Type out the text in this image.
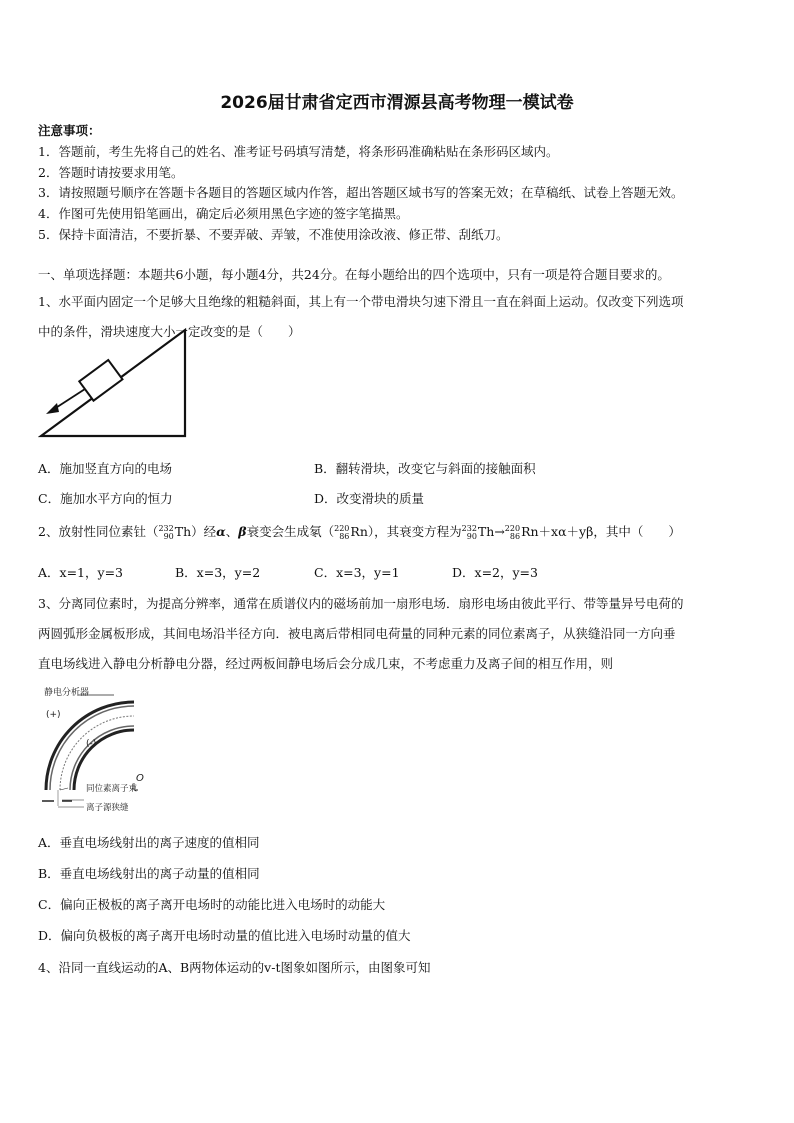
2026届甘肃省定西市渭源县高考物理一模试卷
注意事项：
1．答题前，考生先将自己的姓名、准考证号码填写清楚，将条形码准确粘贴在条形码区域内。
2．答题时请按要求用笔。
3．请按照题号顺序在答题卡各题目的答题区域内作答，超出答题区域书写的答案无效；在草稿纸、试卷上答题无效。
4．作图可先使用铅笔画出，确定后必须用黑色字迹的签字笔描黑。
5．保持卡面清洁，不要折暴、不要弄破、弄皱，不准使用涂改液、修正带、刮纸刀。
一、单项选择题：本题共6小题，每小题4分，共24分。在每小题给出的四个选项中，只有一项是符合题目要求的。
1、水平面内固定一个足够大且绝缘的粗糙斜面，其上有一个带电滑块匀速下滑且一直在斜面上运动。仅改变下列选项
中的条件，滑块速度大小一定改变的是（　　）
A．施加竖直方向的电场	B．翻转滑块，改变它与斜面的接触面积
C．施加水平方向的恒力	D．改变滑块的质量
2、放射性同位素钍（ 232
90 Th）经α、β衰变会生成氡（ 220
86 Rn），其衰变方程为 232
90 Th→ 220
86 Rn＋xα＋yβ，其中（　　）
A．x=1，y=3	B．x=3，y=2	C．x=3，y=1	D．x=2，y=3
3、分离同位素时，为提高分辨率，通常在质谱仪内的磁场前加一扇形电场．扇形电场由彼此平行、带等量异号电荷的
两圆弧形金属板形成，其间电场沿半径方向．被电离后带相同电荷量的同种元素的同位素离子，从狭缝沿同一方向垂
直电场线进入静电分析静电分器，经过两板间静电场后会分成几束，不考虑重力及离子间的相互作用，则
静电分析器
(+)
(-)
O
同位素离子束
离子源狭缝
A．垂直电场线射出的离子速度的值相同
B．垂直电场线射出的离子动量的值相同
C．偏向正极板的离子离开电场时的动能比进入电场时的动能大
D．偏向负极板的离子离开电场时动量的值比进入电场时动量的值大
4、沿同一直线运动的A、B两物体运动的v-t图象如图所示，由图象可知
